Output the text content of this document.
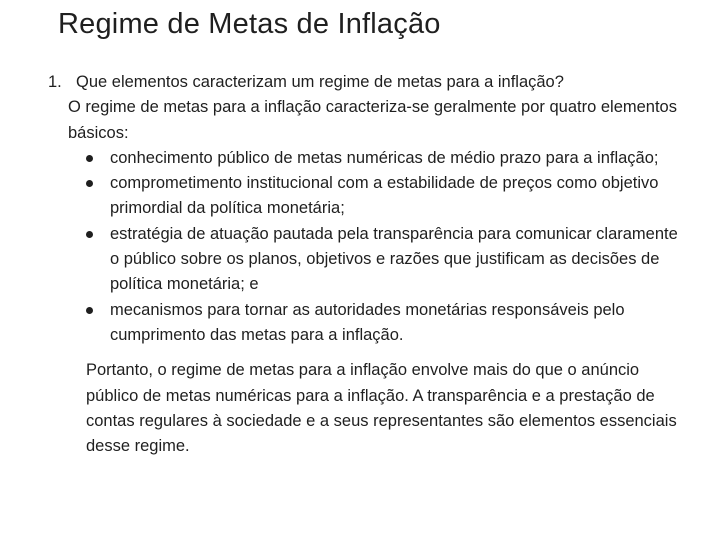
Regime de Metas de Inflação
1. Que elementos caracterizam um regime de metas para a inflação?
O regime de metas para a inflação caracteriza-se geralmente por quatro elementos básicos:
conhecimento público de metas numéricas de médio prazo para a inflação;
comprometimento institucional com a estabilidade de preços como objetivo primordial da política monetária;
estratégia de atuação pautada pela transparência para comunicar claramente o público sobre os planos, objetivos e razões que justificam as decisões de política monetária; e
mecanismos para tornar as autoridades monetárias responsáveis pelo cumprimento das metas para a inflação.
Portanto, o regime de metas para a inflação envolve mais do que o anúncio público de metas numéricas para a inflação. A transparência e a prestação de contas regulares à sociedade e a seus representantes são elementos essenciais desse regime.
